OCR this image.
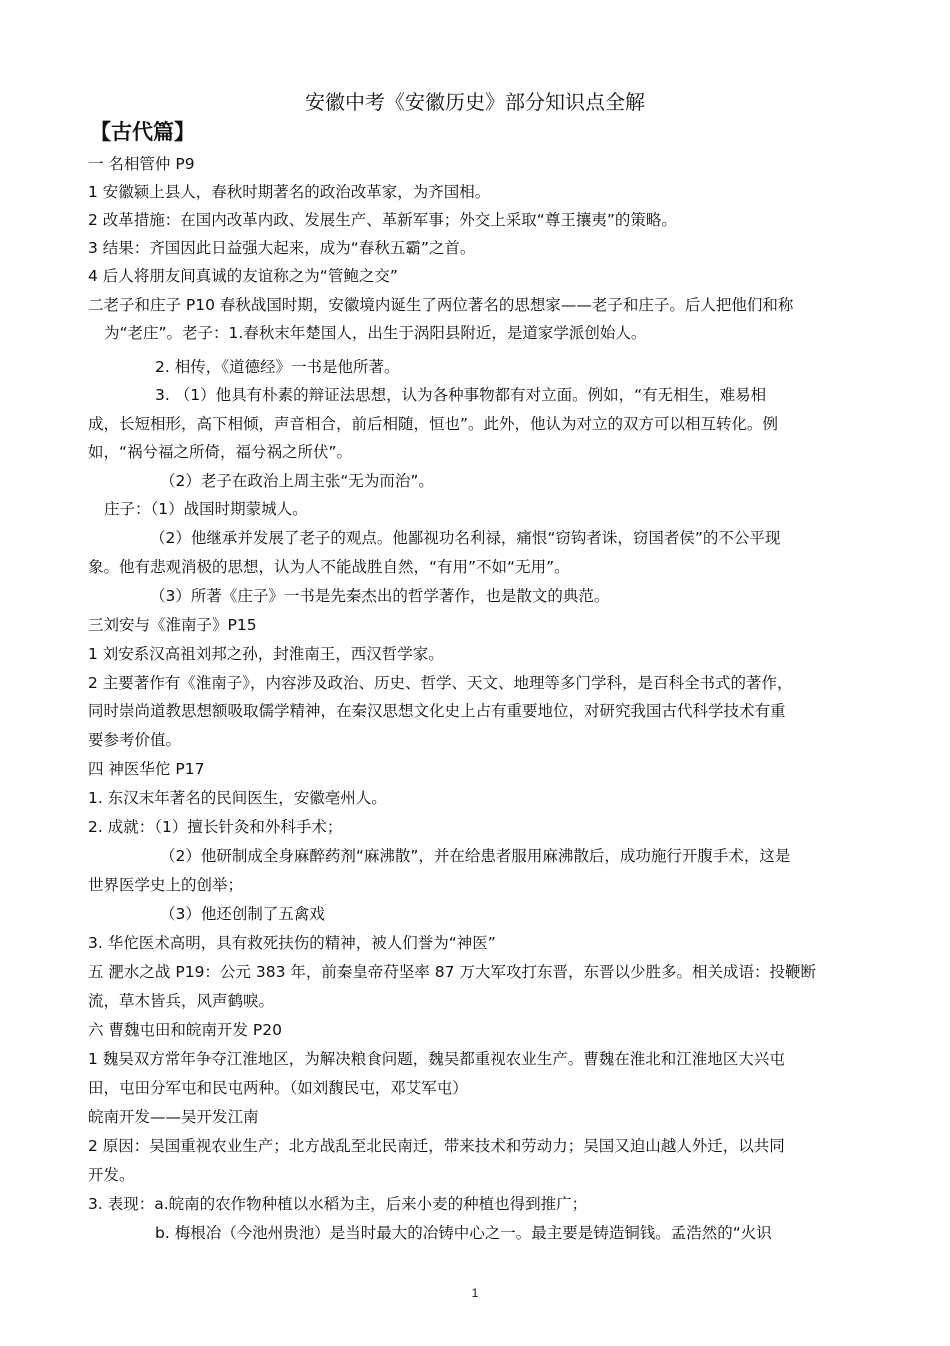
安徽中考《安徽历史》部分知识点全解
【古代篇】
一 名相管仲 P9
1 安徽颍上县人，春秋时期著名的政治改革家，为齐国相。
2 改革措施：在国内改革内政、发展生产、革新军事；外交上采取“尊王攘夷”的策略。
3 结果：齐国因此日益强大起来，成为“春秋五霸”之首。
4 后人将朋友间真诚的友谊称之为“管鲍之交”
二老子和庄子 P10 春秋战国时期，安徽境内诞生了两位著名的思想家——老子和庄子。后人把他们和称
为“老庄”。老子：1.春秋末年楚国人，出生于涡阳县附近，是道家学派创始人。
2. 相传，《道德经》一书是他所著。
3. （1）他具有朴素的辩证法思想，认为各种事物都有对立面。例如，“有无相生，难易相
成，长短相形，高下相倾，声音相合，前后相随，恒也”。此外，他认为对立的双方可以相互转化。例
如，“祸兮福之所倚，福兮祸之所伏”。
（2）老子在政治上周主张“无为而治”。
庄子：（1）战国时期蒙城人。
（2）他继承并发展了老子的观点。他鄙视功名利禄，痛恨“窃钩者诛，窃国者侯”的不公平现
象。他有悲观消极的思想，认为人不能战胜自然，“有用”不如“无用”。
（3）所著《庄子》一书是先秦杰出的哲学著作，也是散文的典范。
三刘安与《淮南子》P15
1 刘安系汉高祖刘邦之孙，封淮南王，西汉哲学家。
2 主要著作有《淮南子》，内容涉及政治、历史、哲学、天文、地理等多门学科，是百科全书式的著作，
同时崇尚道教思想额吸取儒学精神，在秦汉思想文化史上占有重要地位，对研究我国古代科学技术有重
要参考价值。
四 神医华佗 P17
1. 东汉末年著名的民间医生，安徽亳州人。
2. 成就：（1）擅长针灸和外科手术；
（2）他研制成全身麻醉药剂“麻沸散”，并在给患者服用麻沸散后，成功施行开腹手术，这是
世界医学史上的创举；
（3）他还创制了五禽戏
3. 华佗医术高明，具有救死扶伤的精神，被人们誉为“神医”
五 淝水之战 P19：公元 383 年，前秦皇帝苻坚率 87 万大军攻打东晋，东晋以少胜多。相关成语：投鞭断
流，草木皆兵，风声鹤唳。
六 曹魏屯田和皖南开发 P20
1 魏吴双方常年争夺江淮地区，为解决粮食问题，魏吴都重视农业生产。曹魏在淮北和江淮地区大兴屯
田，屯田分军屯和民屯两种。（如刘馥民屯，邓艾军屯）
皖南开发——吴开发江南
2 原因：吴国重视农业生产；北方战乱至北民南迁，带来技术和劳动力；吴国又迫山越人外迁，以共同
开发。
3. 表现：a.皖南的农作物种植以水稻为主，后来小麦的种植也得到推广；
b. 梅根冶（今池州贵池）是当时最大的冶铸中心之一。最主要是铸造铜钱。孟浩然的“火识
1
